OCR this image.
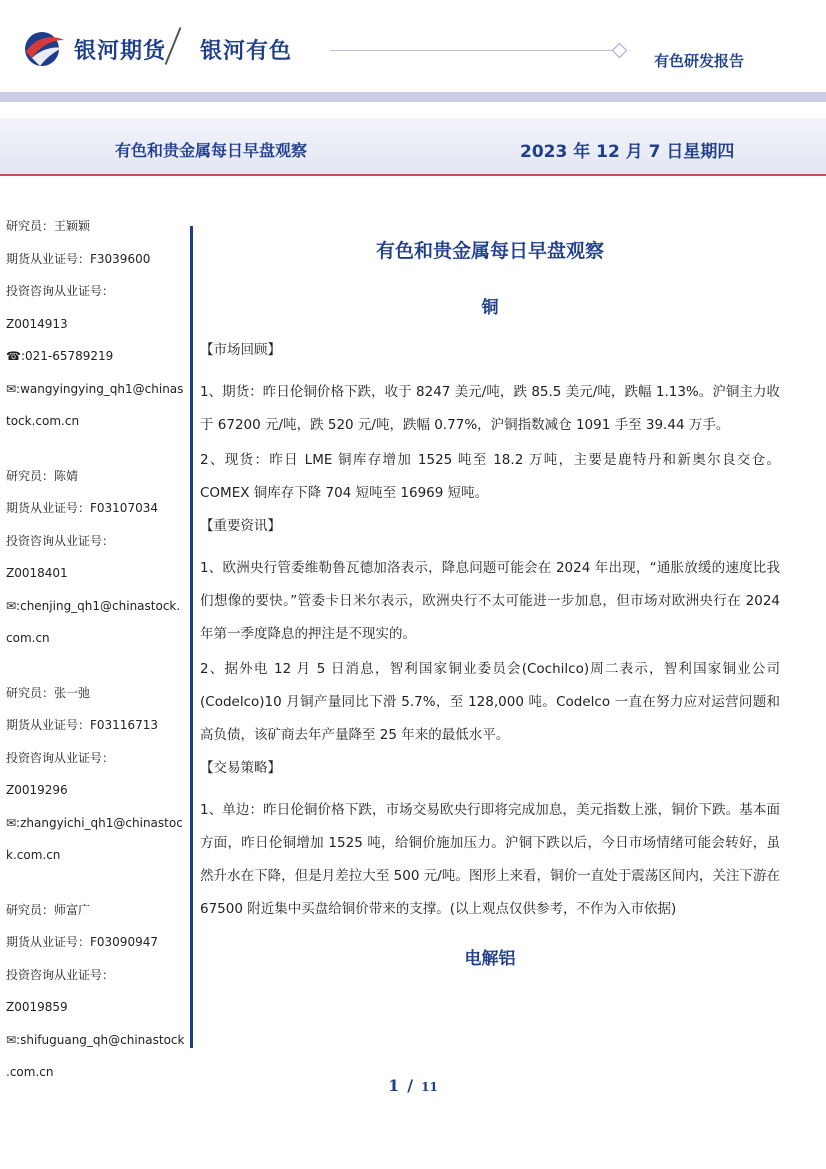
银河期货 银河有色	有色研发报告
有色和贵金属每日早盘观察	2023 年 12 月 7 日星期四
研究员：王颖颖
期货从业证号：F3039600
投资咨询从业证号：
Z0014913
☎:021-65789219
✉:wangyingying_qh1@chinas
tock.com.cn
研究员：陈婧
期货从业证号：F03107034
投资咨询从业证号：
Z0018401
✉:chenjing_qh1@chinastock.
com.cn
研究员：张一弛
期货从业证号：F03116713
投资咨询从业证号：
Z0019296
✉:zhangyichi_qh1@chinastoc
k.com.cn
研究员：师富广
期货从业证号：F03090947
投资咨询从业证号：
Z0019859
✉:shifuguang_qh@chinastock
.com.cn
有色和贵金属每日早盘观察
铜
【市场回顾】

1、期货：昨日伦铜价格下跌，收于 8247 美元/吨，跌 85.5 美元/吨，跌幅 1.13%。沪铜主力收于 67200 元/吨，跌 520 元/吨，跌幅 0.77%，沪铜指数减仓 1091 手至 39.44 万手。

2、现货：昨日 LME 铜库存增加 1525 吨至 18.2 万吨，主要是鹿特丹和新奥尔良交仓。COMEX 铜库存下降 704 短吨至 16969 短吨。

【重要资讯】

1、欧洲央行管委维勒鲁瓦德加洛表示，降息问题可能会在 2024 年出现，“通胀放缓的速度比我们想像的要快。”管委卡日米尔表示，欧洲央行不太可能进一步加息，但市场对欧洲央行在 2024 年第一季度降息的押注是不现实的。

2、据外电 12 月 5 日消息，智利国家铜业委员会(Cochilco)周二表示，智利国家铜业公司(Codelco)10 月铜产量同比下滑 5.7%，至 128,000 吨。Codelco 一直在努力应对运营问题和高负债，该矿商去年产量降至 25 年来的最低水平。

【交易策略】

1、单边：昨日伦铜价格下跌，市场交易欧央行即将完成加息，美元指数上涨，铜价下跌。基本面方面，昨日伦铜增加 1525 吨，给铜价施加压力。沪铜下跌以后，今日市场情绪可能会转好，虽然升水在下降，但是月差拉大至 500 元/吨。图形上来看，铜价一直处于震荡区间内，关注下游在 67500 附近集中买盘给铜价带来的支撑。(以上观点仅供参考，不作为入市依据)

电解铝
1 / 11
